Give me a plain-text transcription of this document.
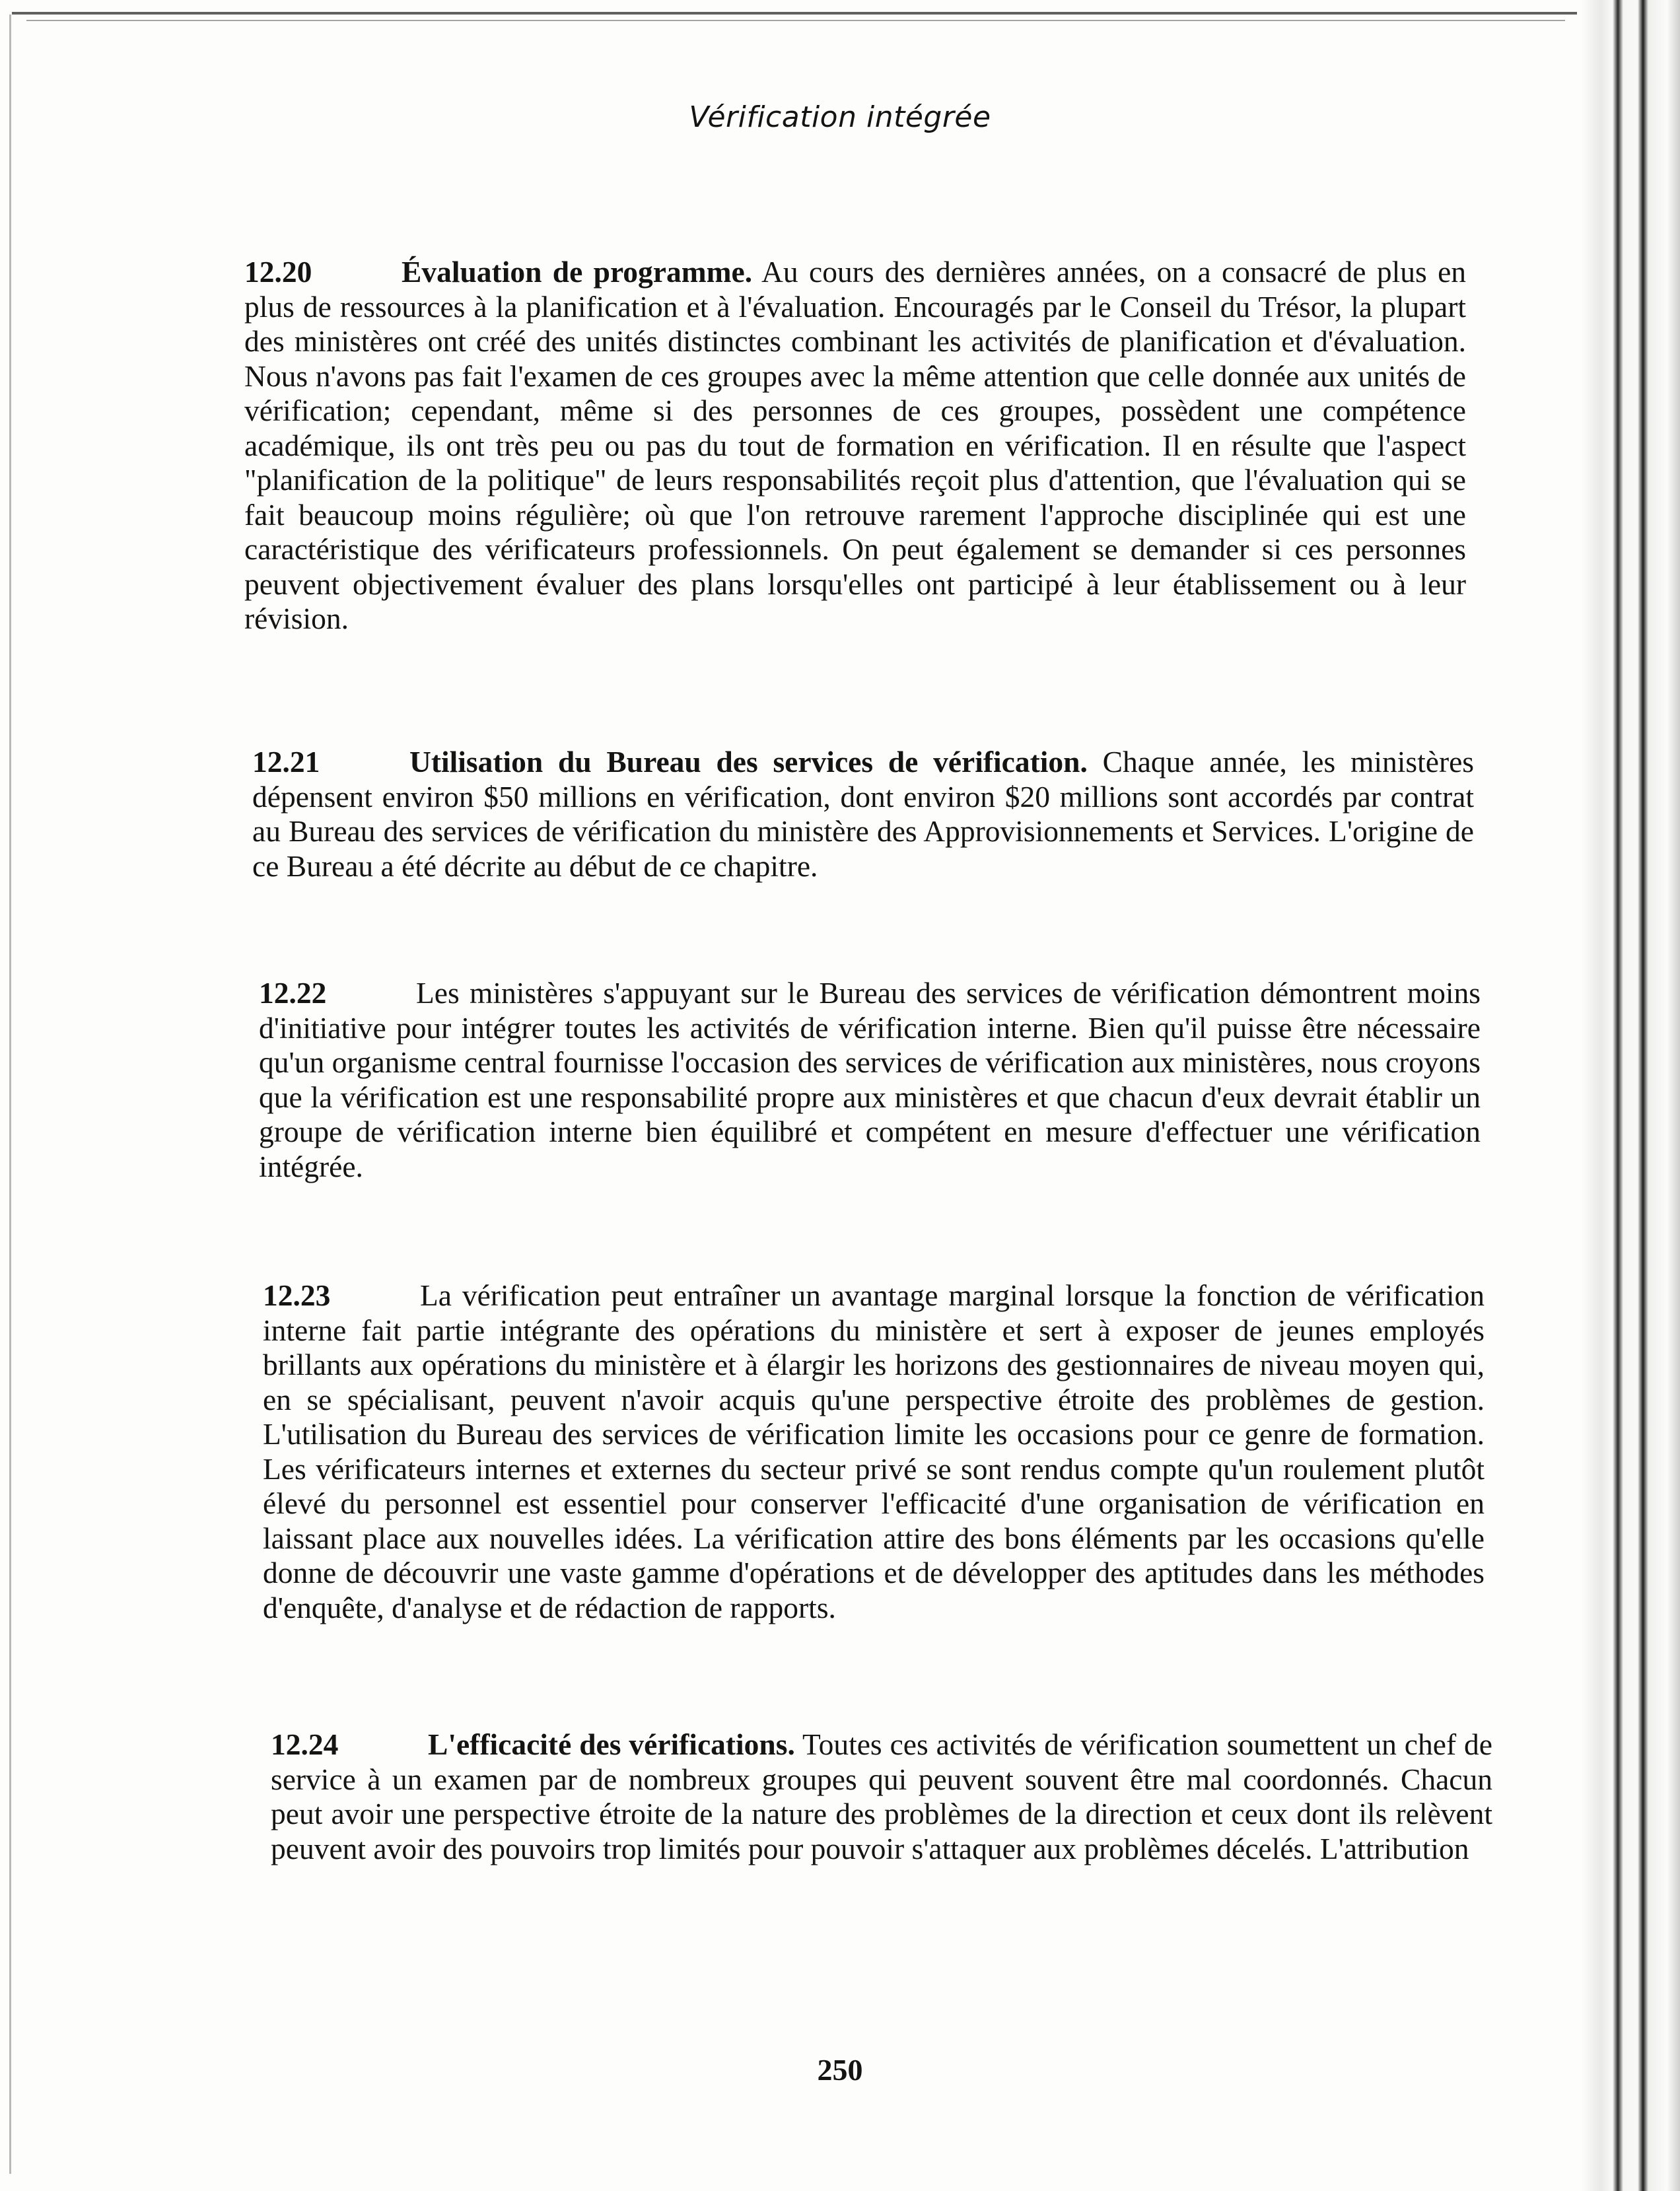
Vérification intégrée
12.20	Évaluation de programme. Au cours des dernières années, on a consacré de plus en plus de ressources à la planification et à l'évaluation. Encouragés par le Conseil du Trésor, la plupart des ministères ont créé des unités distinctes combinant les activités de planification et d'évaluation. Nous n'avons pas fait l'examen de ces groupes avec la même attention que celle donnée aux unités de vérification; cependant, même si des personnes de ces groupes, possèdent une compétence académique, ils ont très peu ou pas du tout de formation en vérification. Il en résulte que l'aspect "planification de la politique" de leurs responsabilités reçoit plus d'attention, que l'évaluation qui se fait beaucoup moins régulière; où que l'on retrouve rarement l'approche disciplinée qui est une caractéristique des vérificateurs professionnels. On peut également se demander si ces personnes peuvent objectivement évaluer des plans lorsqu'elles ont participé à leur établissement ou à leur révision.
12.21	Utilisation du Bureau des services de vérification. Chaque année, les ministères dépensent environ $50 millions en vérification, dont environ $20 millions sont accordés par contrat au Bureau des services de vérification du ministère des Approvisionnements et Services. L'origine de ce Bureau a été décrite au début de ce chapitre.
12.22	Les ministères s'appuyant sur le Bureau des services de vérification démontrent moins d'initiative pour intégrer toutes les activités de vérification interne. Bien qu'il puisse être nécessaire qu'un organisme central fournisse l'occasion des services de vérification aux ministères, nous croyons que la vérification est une responsabilité propre aux ministères et que chacun d'eux devrait établir un groupe de vérification interne bien équilibré et compétent en mesure d'effectuer une vérification intégrée.
12.23	La vérification peut entraîner un avantage marginal lorsque la fonction de vérification interne fait partie intégrante des opérations du ministère et sert à exposer de jeunes employés brillants aux opérations du ministère et à élargir les horizons des gestionnaires de niveau moyen qui, en se spécialisant, peuvent n'avoir acquis qu'une perspective étroite des problèmes de gestion. L'utilisation du Bureau des services de vérification limite les occasions pour ce genre de formation. Les vérificateurs internes et externes du secteur privé se sont rendus compte qu'un roulement plutôt élevé du personnel est essentiel pour conserver l'efficacité d'une organisation de vérification en laissant place aux nouvelles idées. La vérification attire des bons éléments par les occasions qu'elle donne de découvrir une vaste gamme d'opérations et de développer des aptitudes dans les méthodes d'enquête, d'analyse et de rédaction de rapports.
12.24	L'efficacité des vérifications. Toutes ces activités de vérification soumettent un chef de service à un examen par de nombreux groupes qui peuvent souvent être mal coordonnés. Chacun peut avoir une perspective étroite de la nature des problèmes de la direction et ceux dont ils relèvent peuvent avoir des pouvoirs trop limités pour pouvoir s'attaquer aux problèmes décelés. L'attribution
250
